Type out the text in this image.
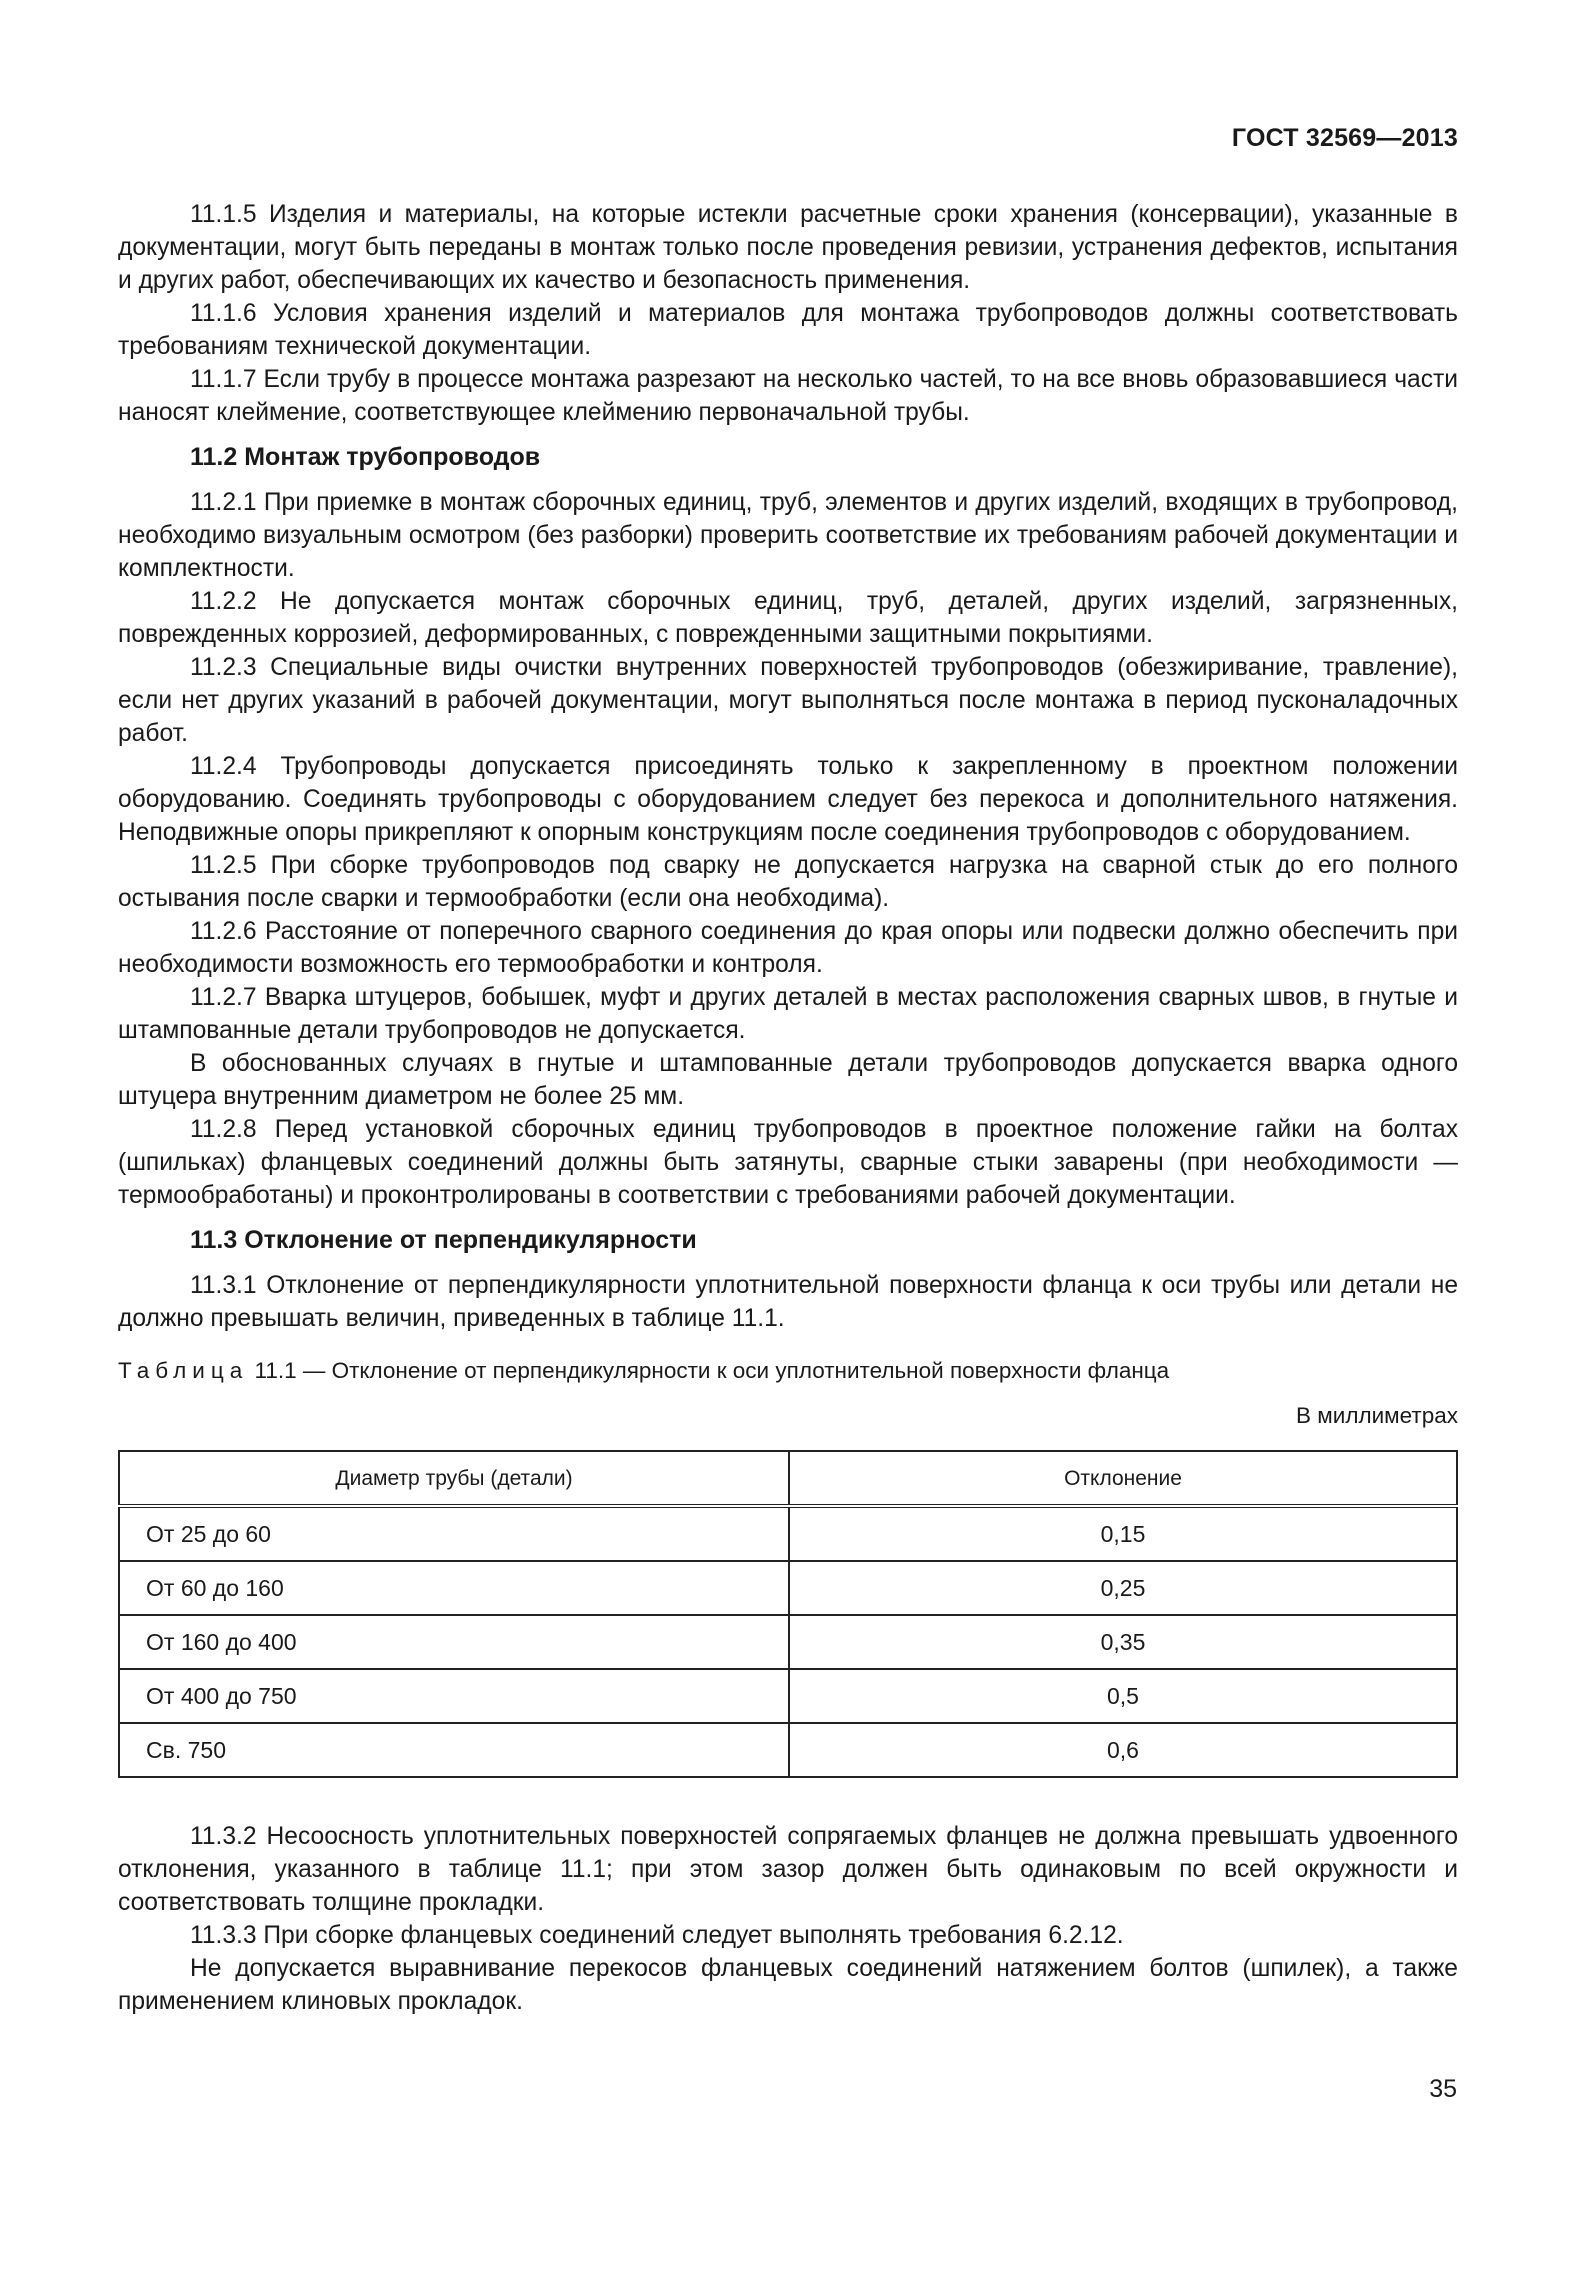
ГОСТ 32569—2013

11.1.5 Изделия и материалы, на которые истекли расчетные сроки хранения (консервации), указанные в документации, могут быть переданы в монтаж только после проведения ревизии, устранения дефектов, испытания и других работ, обеспечивающих их качество и безопасность применения.

11.1.6 Условия хранения изделий и материалов для монтажа трубопроводов должны соответствовать требованиям технической документации.

11.1.7 Если трубу в процессе монтажа разрезают на несколько частей, то на все вновь образовавшиеся части наносят клеймение, соответствующее клеймению первоначальной трубы.

11.2 Монтаж трубопроводов

11.2.1 При приемке в монтаж сборочных единиц, труб, элементов и других изделий, входящих в трубопровод, необходимо визуальным осмотром (без разборки) проверить соответствие их требованиям рабочей документации и комплектности.

11.2.2 Не допускается монтаж сборочных единиц, труб, деталей, других изделий, загрязненных, поврежденных коррозией, деформированных, с поврежденными защитными покрытиями.

11.2.3 Специальные виды очистки внутренних поверхностей трубопроводов (обезжиривание, травление), если нет других указаний в рабочей документации, могут выполняться после монтажа в период пусконаладочных работ.

11.2.4 Трубопроводы допускается присоединять только к закрепленному в проектном положении оборудованию. Соединять трубопроводы с оборудованием следует без перекоса и дополнительного натяжения. Неподвижные опоры прикрепляют к опорным конструкциям после соединения трубопроводов с оборудованием.

11.2.5 При сборке трубопроводов под сварку не допускается нагрузка на сварной стык до его полного остывания после сварки и термообработки (если она необходима).

11.2.6 Расстояние от поперечного сварного соединения до края опоры или подвески должно обеспечить при необходимости возможность его термообработки и контроля.

11.2.7 Вварка штуцеров, бобышек, муфт и других деталей в местах расположения сварных швов, в гнутые и штампованные детали трубопроводов не допускается.

В обоснованных случаях в гнутые и штампованные детали трубопроводов допускается вварка одного штуцера внутренним диаметром не более 25 мм.

11.2.8 Перед установкой сборочных единиц трубопроводов в проектное положение гайки на болтах (шпильках) фланцевых соединений должны быть затянуты, сварные стыки заварены (при необходимости — термообработаны) и проконтролированы в соответствии с требованиями рабочей документации.

11.3 Отклонение от перпендикулярности

11.3.1 Отклонение от перпендикулярности уплотнительной поверхности фланца к оси трубы или детали не должно превышать величин, приведенных в таблице 11.1.

Таблица 11.1 — Отклонение от перпендикулярности к оси уплотнительной поверхности фланца

В миллиметрах
Диаметр трубы (детали)	Отклонение
От 25 до 60	0,15
От 60 до 160	0,25
От 160 до 400	0,35
От 400 до 750	0,5
Св. 750	0,6

11.3.2 Несоосность уплотнительных поверхностей сопрягаемых фланцев не должна превышать удвоенного отклонения, указанного в таблице 11.1; при этом зазор должен быть одинаковым по всей окружности и соответствовать толщине прокладки.

11.3.3 При сборке фланцевых соединений следует выполнять требования 6.2.12.

Не допускается выравнивание перекосов фланцевых соединений натяжением болтов (шпилек), а также применением клиновых прокладок.

35
